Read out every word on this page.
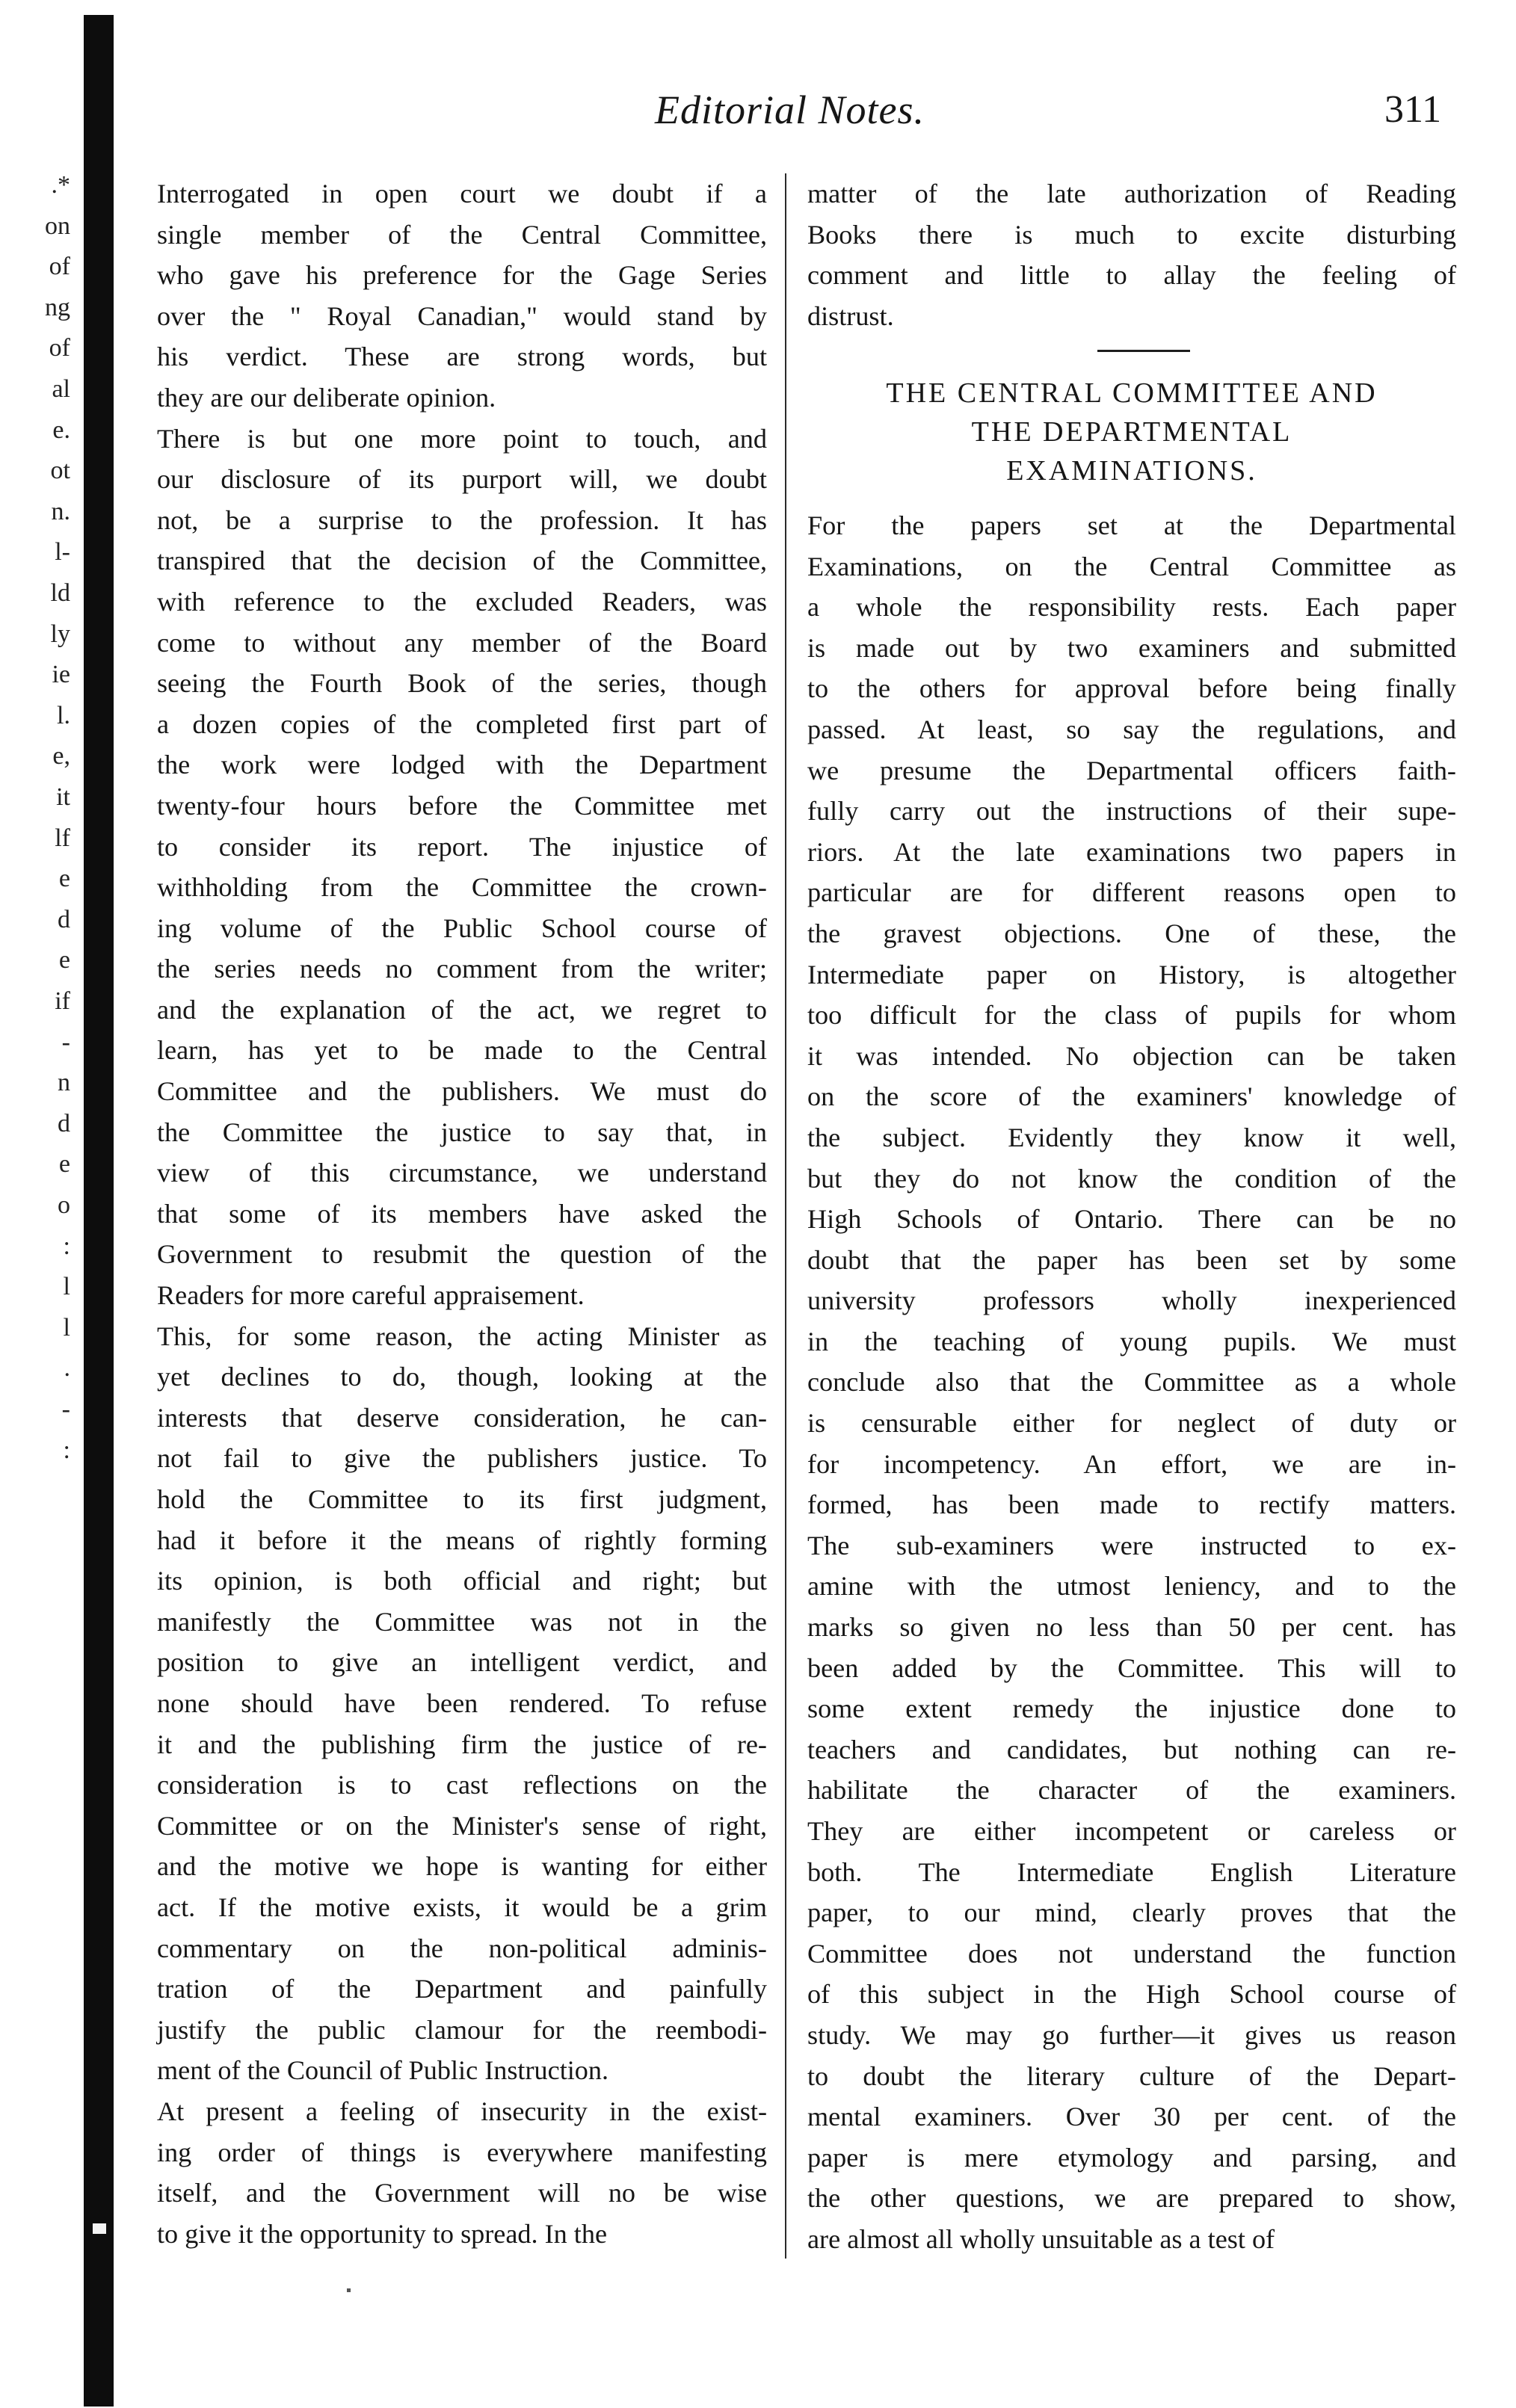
.*
on
of
ng
of
al
e.
ot
n.
l-
ld
ly
ie
l.
e,
it
lf
e
d
e
if
-
n
d
e
o
:
l
l
.
-
:
Editorial Notes.	311
Interrogated in open court we doubt if a
single member of the Central Committee,
who gave his preference for the Gage Series
over the " Royal Canadian," would stand by
his verdict. These are strong words, but
they are our deliberate opinion.
There is but one more point to touch, and
our disclosure of its purport will, we doubt
not, be a surprise to the profession. It has
transpired that the decision of the Committee,
with reference to the excluded Readers, was
come to without any member of the Board
seeing the Fourth Book of the series, though
a dozen copies of the completed first part of
the work were lodged with the Department
twenty-four hours before the Committee met
to consider its report. The injustice of
withholding from the Committee the crown-
ing volume of the Public School course of
the series needs no comment from the writer;
and the explanation of the act, we regret to
learn, has yet to be made to the Central
Committee and the publishers. We must do
the Committee the justice to say that, in
view of this circumstance, we understand
that some of its members have asked the
Government to resubmit the question of the
Readers for more careful appraisement.
This, for some reason, the acting Minister as
yet declines to do, though, looking at the
interests that deserve consideration, he can-
not fail to give the publishers justice. To
hold the Committee to its first judgment,
had it before it the means of rightly forming
its opinion, is both official and right; but
manifestly the Committee was not in the
position to give an intelligent verdict, and
none should have been rendered. To refuse
it and the publishing firm the justice of re-
consideration is to cast reflections on the
Committee or on the Minister's sense of right,
and the motive we hope is wanting for either
act. If the motive exists, it would be a grim
commentary on the non-political adminis-
tration of the Department and painfully
justify the public clamour for the reembodi-
ment of the Council of Public Instruction.
At present a feeling of insecurity in the exist-
ing order of things is everywhere manifesting
itself, and the Government will no be wise
to give it the opportunity to spread. In the
matter of the late authorization of Reading
Books there is much to excite disturbing
comment and little to allay the feeling of
distrust.
THE CENTRAL COMMITTEE AND
THE DEPARTMENTAL
EXAMINATIONS.
For the papers set at the Departmental
Examinations, on the Central Committee as
a whole the responsibility rests. Each paper
is made out by two examiners and submitted
to the others for approval before being finally
passed. At least, so say the regulations, and
we presume the Departmental officers faith-
fully carry out the instructions of their supe-
riors. At the late examinations two papers in
particular are for different reasons open to
the gravest objections. One of these, the
Intermediate paper on History, is altogether
too difficult for the class of pupils for whom
it was intended. No objection can be taken
on the score of the examiners' knowledge of
the subject. Evidently they know it well,
but they do not know the condition of the
High Schools of Ontario. There can be no
doubt that the paper has been set by some
university professors wholly inexperienced
in the teaching of young pupils. We must
conclude also that the Committee as a whole
is censurable either for neglect of duty or
for incompetency. An effort, we are in-
formed, has been made to rectify matters.
The sub-examiners were instructed to ex-
amine with the utmost leniency, and to the
marks so given no less than 50 per cent. has
been added by the Committee. This will to
some extent remedy the injustice done to
teachers and candidates, but nothing can re-
habilitate the character of the examiners.
They are either incompetent or careless or
both. The Intermediate English Literature
paper, to our mind, clearly proves that the
Committee does not understand the function
of this subject in the High School course of
study. We may go further—it gives us reason
to doubt the literary culture of the Depart-
mental examiners. Over 30 per cent. of the
paper is mere etymology and parsing, and
the other questions, we are prepared to show,
are almost all wholly unsuitable as a test of
